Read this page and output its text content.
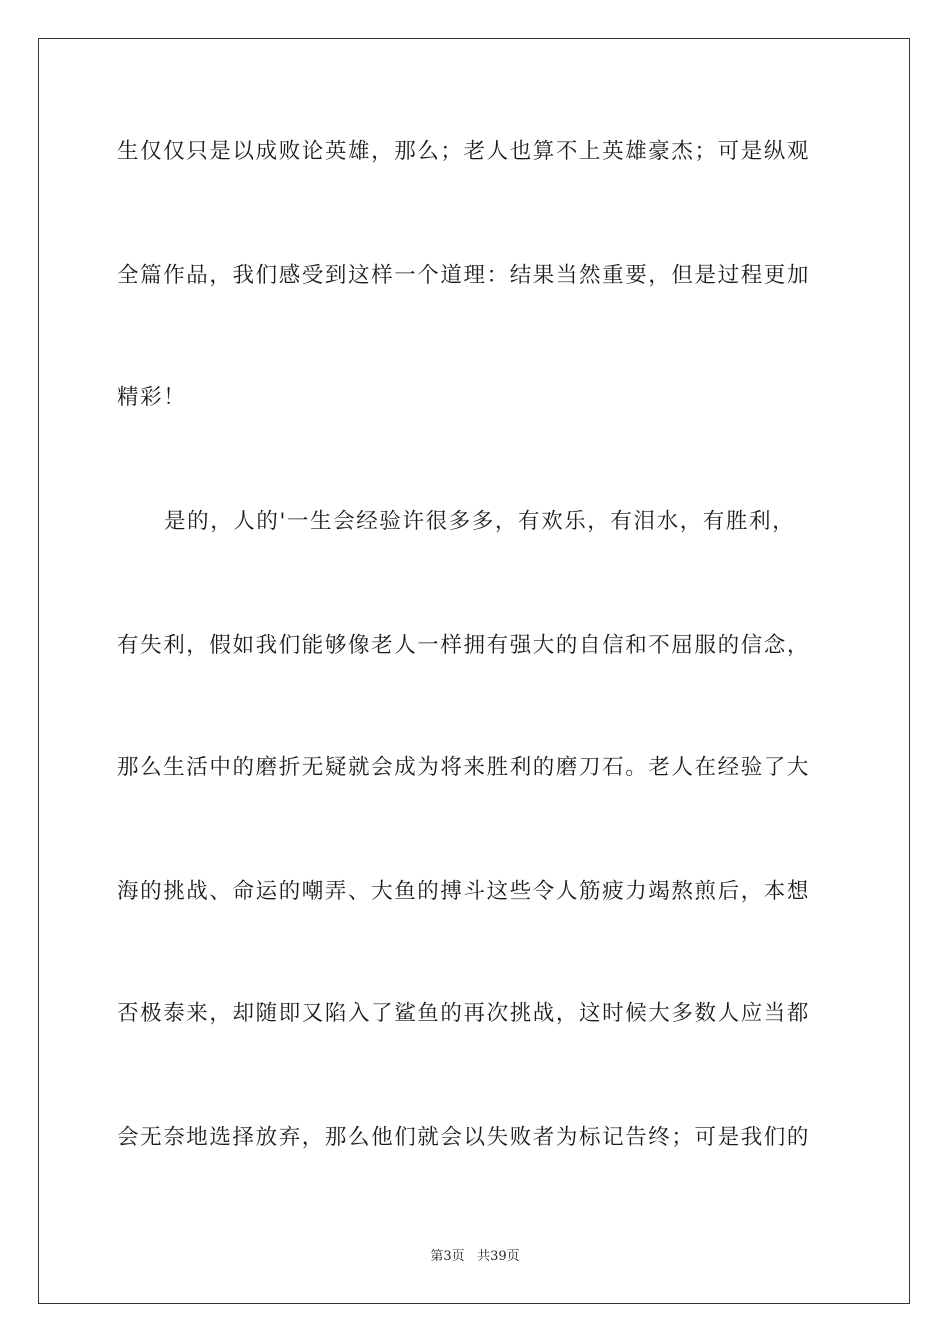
生仅仅只是以成败论英雄，那么；老人也算不上英雄豪杰；可是纵观
全篇作品，我们感受到这样一个道理：结果当然重要，但是过程更加
精彩！
是的，人的'一生会经验许很多多，有欢乐，有泪水，有胜利，
有失利，假如我们能够像老人一样拥有强大的自信和不屈服的信念，
那么生活中的磨折无疑就会成为将来胜利的磨刀石。老人在经验了大
海的挑战、命运的嘲弄、大鱼的搏斗这些令人筋疲力竭熬煎后，本想
否极泰来，却随即又陷入了鲨鱼的再次挑战，这时候大多数人应当都
会无奈地选择放弃，那么他们就会以失败者为标记告终；可是我们的
第3页 共39页
